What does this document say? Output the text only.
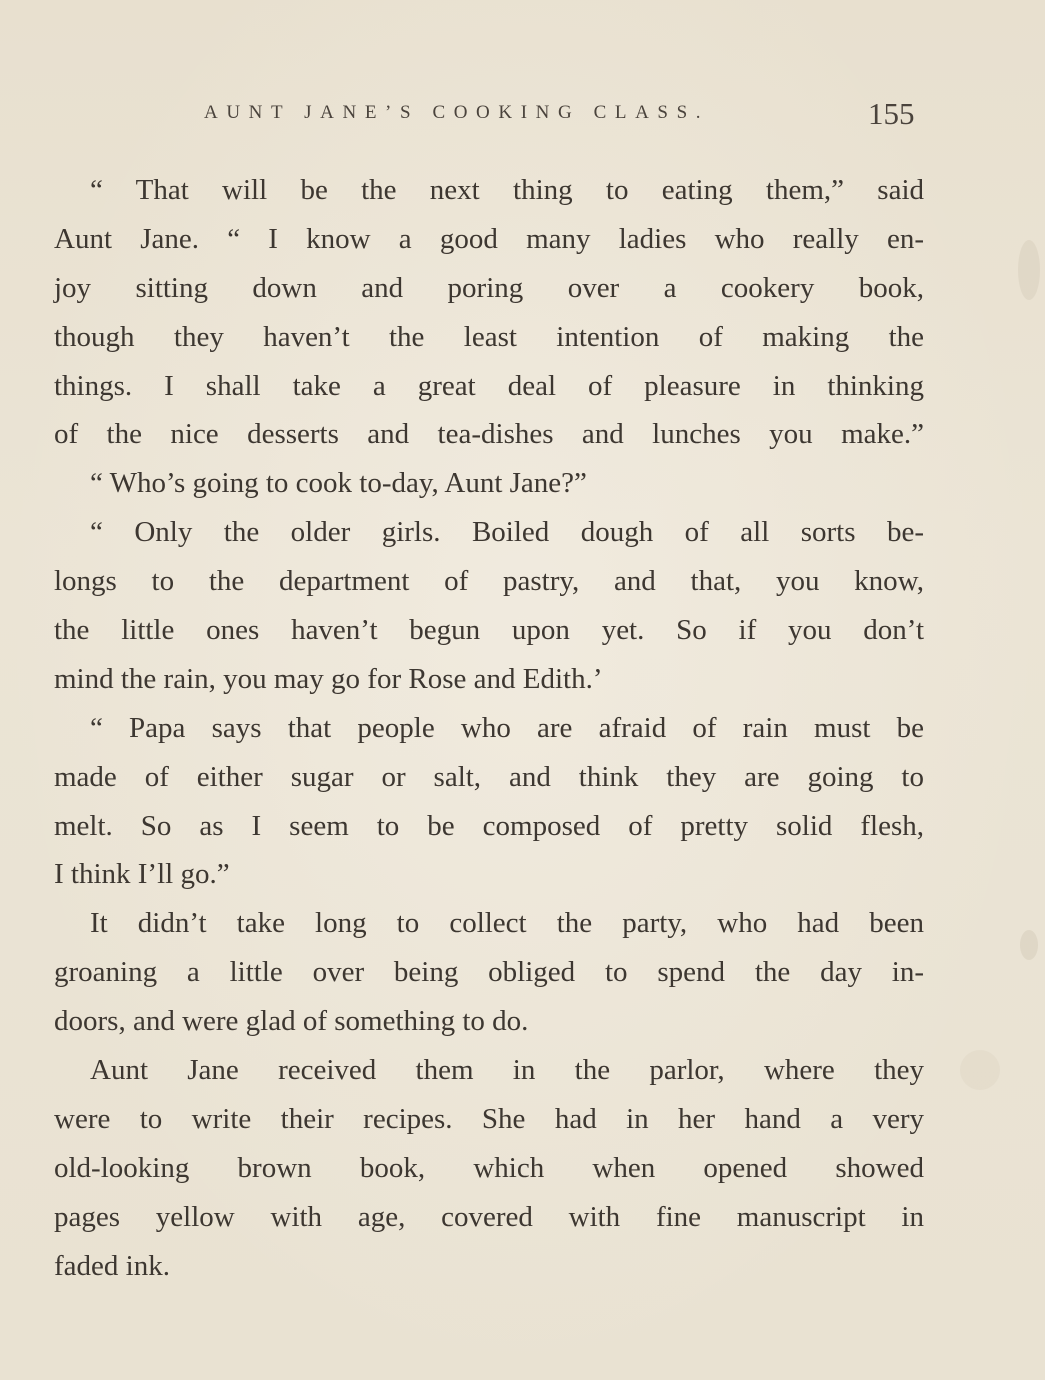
AUNT JANE’S COOKING CLASS.	155
“ That will be the next thing to eating them,” said
Aunt Jane. “ I know a good many ladies who really en-
joy sitting down and poring over a cookery book,
though they haven’t the least intention of making the
things. I shall take a great deal of pleasure in thinking
of the nice desserts and tea-dishes and lunches you make.”
“ Who’s going to cook to-day, Aunt Jane?”
“ Only the older girls. Boiled dough of all sorts be-
longs to the department of pastry, and that, you know,
the little ones haven’t begun upon yet. So if you don’t
mind the rain, you may go for Rose and Edith.’
“ Papa says that people who are afraid of rain must be
made of either sugar or salt, and think they are going to
melt. So as I seem to be composed of pretty solid flesh,
I think I’ll go.”
It didn’t take long to collect the party, who had been
groaning a little over being obliged to spend the day in-
doors, and were glad of something to do.
Aunt Jane received them in the parlor, where they
were to write their recipes. She had in her hand a very
old-looking brown book, which when opened showed
pages yellow with age, covered with fine manuscript in
faded ink.
